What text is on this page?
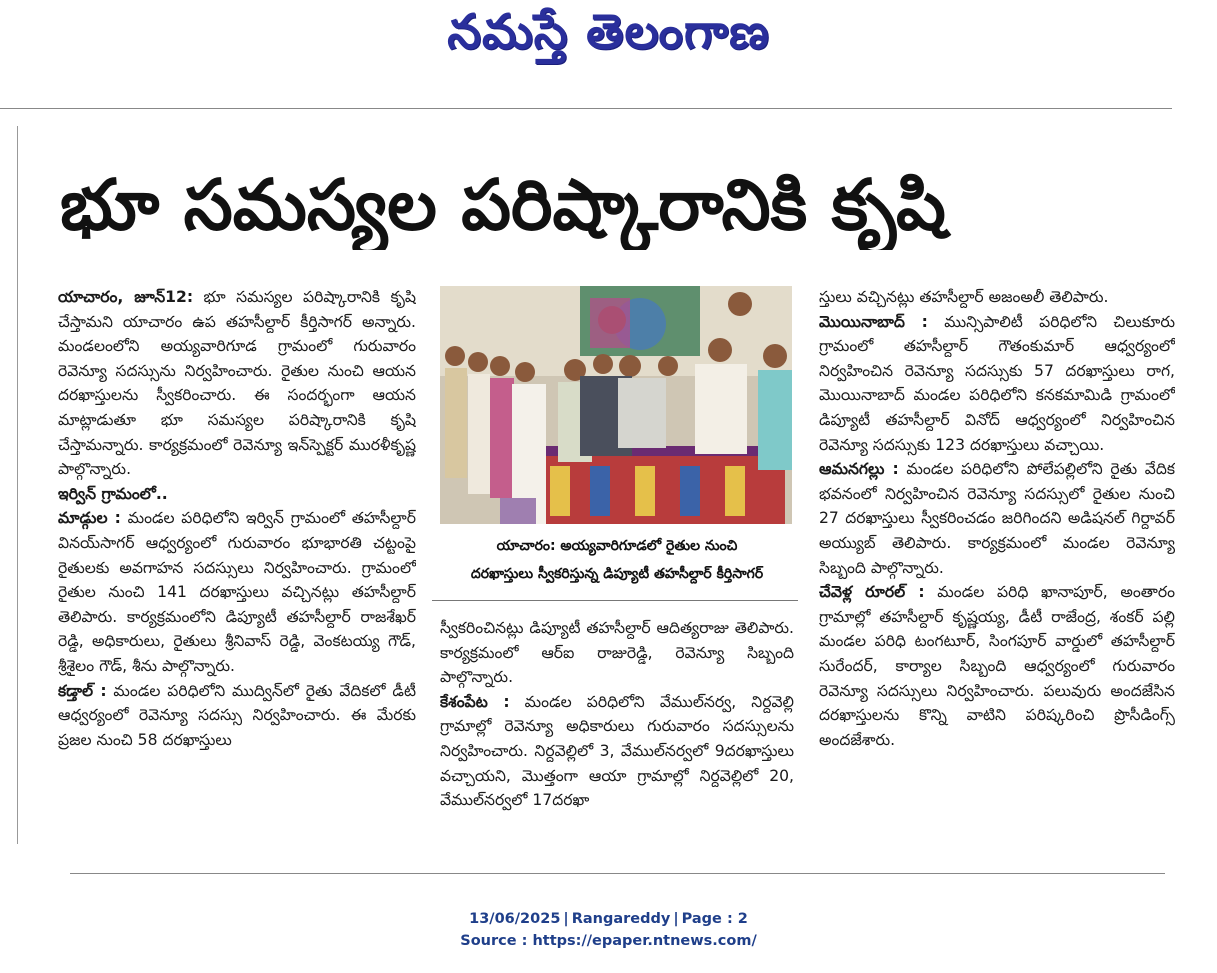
నమస్తే తెలంగాణ
భూ సమస్యల పరిష్కారానికి కృషి

యాచారం, జూన్12: భూ సమస్యల పరిష్కారానికి కృషి చేస్తామని యాచారం ఉప తహసీల్దార్ కీర్తిసాగర్ అన్నారు. మండలంలోని అయ్యవారిగూడ గ్రామంలో గురువారం రెవెన్యూ సదస్సును నిర్వహించారు. రైతుల నుంచి ఆయన దరఖాస్తులను స్వీకరించారు. ఈ సందర్భంగా ఆయన మాట్లాడుతూ భూ సమస్యల పరిష్కారానికి కృషి చేస్తామన్నారు. కార్యక్రమంలో రెవెన్యూ ఇన్‌స్పెక్టర్ మురళీకృష్ణ పాల్గొన్నారు.

ఇర్విన్ గ్రామంలో..

మాడ్గుల : మండల పరిధిలోని ఇర్విన్ గ్రామంలో తహసీల్దార్ వినయ్‌సాగర్ ఆధ్వర్యంలో గురువారం భూభారతి చట్టంపై రైతులకు అవగాహన సదస్సులు నిర్వహించారు. గ్రామంలో రైతుల నుంచి 141 దరఖాస్తులు వచ్చినట్లు తహసీల్దార్ తెలిపారు. కార్యక్రమంలోని డిప్యూటీ తహసీల్దార్ రాజశేఖర్ రెడ్డి, అధికారులు, రైతులు శ్రీనివాస్ రెడ్డి, వెంకటయ్య గౌడ్, శ్రీశైలం గౌడ్, శీను పాల్గొన్నారు.

కడ్తాల్ : మండల పరిధిలోని ముద్విన్‌లో రైతు వేదికలో డీటీ ఆధ్వర్యంలో రెవెన్యూ సదస్సు నిర్వహించారు. ఈ మేరకు ప్రజల నుంచి 58 దరఖాస్తులు

యాచారం: అయ్యవారిగూడలో రైతుల నుంచి
దరఖాస్తులు స్వీకరిస్తున్న డిప్యూటీ తహసీల్దార్ కీర్తిసాగర్

స్వీకరించినట్లు డిప్యూటీ తహసీల్దార్ ఆదిత్యరాజు తెలిపారు. కార్యక్రమంలో ఆర్ఐ రాజురెడ్డి, రెవెన్యూ సిబ్బంది పాల్గొన్నారు.

కేశంపేట : మండల పరిధిలోని వేముల్‌నర్వ, నిర్దవెల్లి గ్రామాల్లో రెవెన్యూ అధికారులు గురువారం సదస్సులను నిర్వహించారు. నిర్దవెల్లిలో 3, వేముల్‌నర్వలో 9దరఖాస్తులు వచ్చాయని, మొత్తంగా ఆయా గ్రామాల్లో నిర్దవెల్లిలో 20, వేముల్‌నర్వలో 17దరఖా

స్తులు వచ్చినట్లు తహసీల్దార్ అజంఅలీ తెలిపారు.

మొయినాబాద్ : మున్సిపాలిటీ పరిధిలోని చిలుకూరు గ్రామంలో తహసీల్దార్ గౌతంకుమార్ ఆధ్వర్యంలో నిర్వహించిన రెవెన్యూ సదస్సుకు 57 దరఖాస్తులు రాగ, మొయినాబాద్ మండల పరిధిలోని కనకమామిడి గ్రామంలో డిప్యూటీ తహసీల్దార్ వినోద్ ఆధ్వర్యంలో నిర్వహించిన రెవెన్యూ సదస్సుకు 123 దరఖాస్తులు వచ్చాయి.

ఆమనగల్లు : మండల పరిధిలోని పోలేపల్లిలోని రైతు వేదిక భవనంలో నిర్వహించిన రెవెన్యూ సదస్సులో రైతుల నుంచి 27 దరఖాస్తులు స్వీకరించడం జరిగిందని అడిషనల్ గిర్దావర్ అయ్యుబ్ తెలిపారు. కార్యక్రమంలో మండల రెవెన్యూ సిబ్బంది పాల్గొన్నారు.

చేవెళ్ల రూరల్ : మండల పరిధి ఖానాపూర్, అంతారం గ్రామాల్లో తహసీల్దార్ కృష్ణయ్య, డీటీ రాజేంద్ర, శంకర్ పల్లి మండల పరిధి టంగటూర్, సింగపూర్ వార్డులో తహసీల్దార్ సురేందర్, కార్యాల సిబ్బంది ఆధ్వర్యంలో గురువారం రెవెన్యూ సదస్సులు నిర్వహించారు. పలువురు అందజేసిన దరఖాస్తులను కొన్ని వాటిని పరిష్కరించి ప్రొసీడింగ్స్ అందజేశారు.

13/06/2025 | Rangareddy | Page : 2
Source : https://epaper.ntnews.com/
